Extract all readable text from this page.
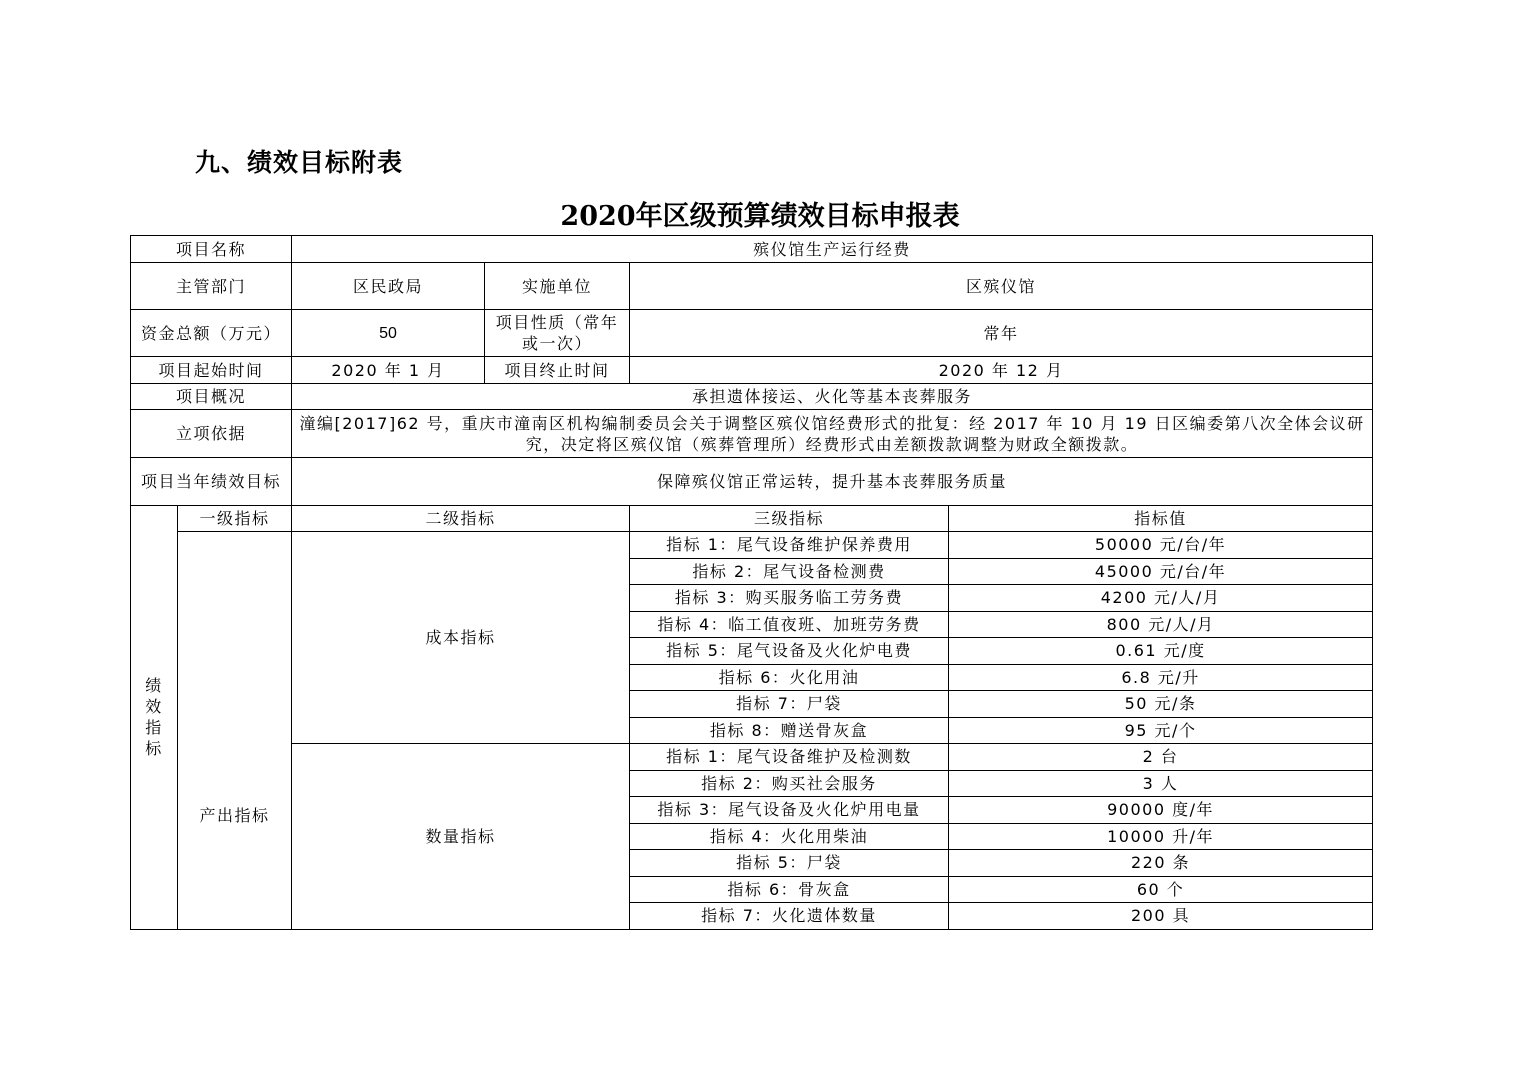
九、绩效目标附表
2020年区级预算绩效目标申报表
项目名称		殡仪馆生产运行经费			
主管部门		区民政局	实施单位	区殡仪馆	
资金总额（万元）		50	项目性质（常年或一次）	常年	
项目起始时间		2020 年 1 月	项目终止时间	2020 年 12 月	
项目概况		承担遗体接运、火化等基本丧葬服务			
立项依据		潼编[2017]62 号，重庆市潼南区机构编制委员会关于调整区殡仪馆经费形式的批复：经 2017 年 10 月 19 日区编委第八次全体会议研究，决定将区殡仪馆（殡葬管理所）经费形式由差额拨款调整为财政全额拨款。			
项目当年绩效目标		保障殡仪馆正常运转，提升基本丧葬服务质量			
绩
效
指
标	一级指标	二级指标		三级指标	指标值
	产出指标	成本指标		指标 1：尾气设备维护保养费用	50000 元/台/年
				指标 2：尾气设备检测费	45000 元/台/年
				指标 3：购买服务临工劳务费	4200 元/人/月
				指标 4：临工值夜班、加班劳务费	800 元/人/月
				指标 5：尾气设备及火化炉电费	0.61 元/度
				指标 6：火化用油	6.8 元/升
				指标 7：尸袋	50 元/条
				指标 8：赠送骨灰盒	95 元/个
		数量指标		指标 1：尾气设备维护及检测数	2 台
				指标 2：购买社会服务	3 人
				指标 3：尾气设备及火化炉用电量	90000 度/年
				指标 4：火化用柴油	10000 升/年
				指标 5：尸袋	220 条
				指标 6：骨灰盒	60 个
				指标 7：火化遗体数量	200 具
